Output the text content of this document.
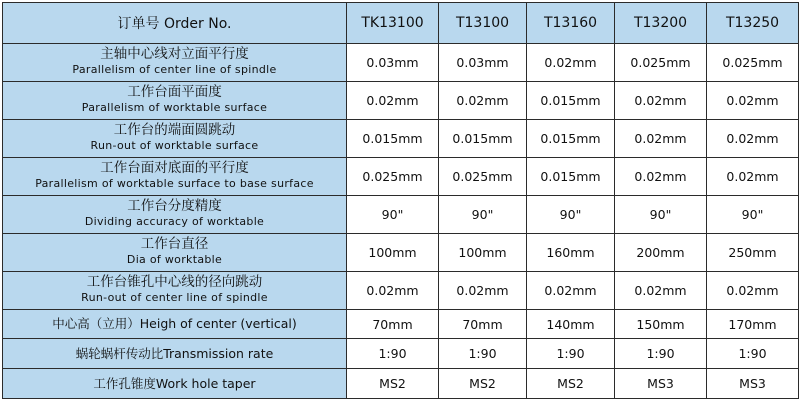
订单号 Order No.	TK13100	T13100	T13160	T13200	T13250

主轴中心线对立面平行度
Parallelism of center line of spindle	0.03mm	0.03mm	0.02mm	0.025mm	0.025mm

工作台面平面度
Parallelism of worktable surface	0.02mm	0.02mm	0.015mm	0.02mm	0.02mm

工作台的端面圆跳动
Run-out of worktable surface	0.015mm	0.015mm	0.015mm	0.02mm	0.02mm

工作台面对底面的平行度
Parallelism of worktable surface to base surface	0.025mm	0.025mm	0.015mm	0.02mm	0.02mm

工作台分度精度
Dividing accuracy of worktable	90"	90"	90"	90"	90"

工作台直径
Dia of worktable	100mm	100mm	160mm	200mm	250mm

工作台锥孔中心线的径向跳动
Run-out of center line of spindle	0.02mm	0.02mm	0.02mm	0.02mm	0.02mm
中心高（立用）Heigh of center (vertical)	70mm	70mm	140mm	150mm	170mm
蜗轮蜗杆传动比Transmission rate	1:90	1:90	1:90	1:90	1:90
工作孔锥度Work hole taper	MS2	MS2	MS2	MS3	MS3
